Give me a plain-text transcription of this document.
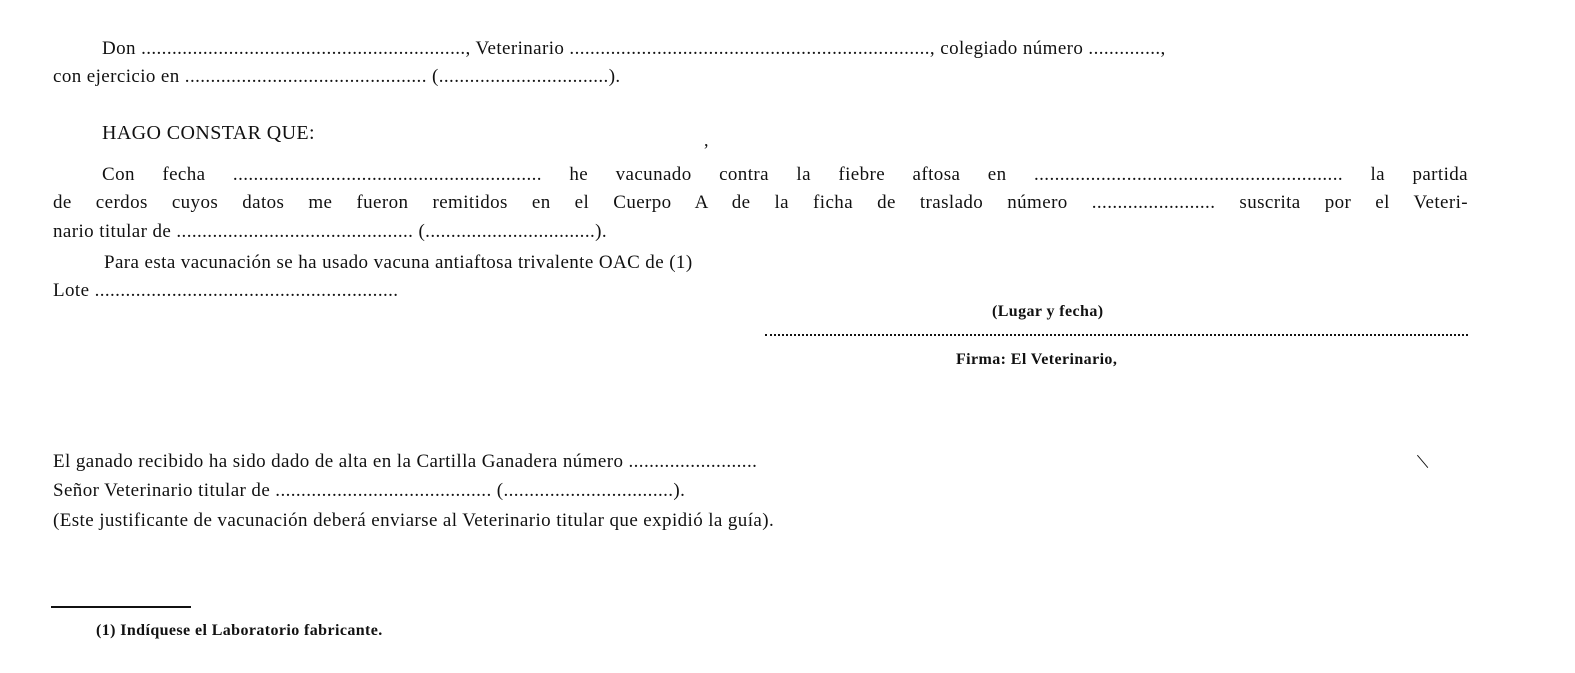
Don ..............................................................., Veterinario ......................................................................, colegiado número ..............,
con ejercicio en ............................................... (.................................).
HAGO CONSTAR QUE:	,
Con fecha ............................................................ he vacunado contra la fiebre aftosa en ............................................................ la partida
de cerdos cuyos datos me fueron remitidos en el Cuerpo A de la ficha de traslado número ........................ suscrita por el Veteri-
nario titular de .............................................. (.................................).
Para esta vacunación se ha usado vacuna antiaftosa trivalente OAC de (1)
Lote ...........................................................
(Lugar y fecha)
Firma: El Veterinario,
El ganado recibido ha sido dado de alta en la Cartilla Ganadera número .........................	|
Señor Veterinario titular de .......................................... (.................................).
(Este justificante de vacunación deberá enviarse al Veterinario titular que expidió la guía).
(1) Indíquese el Laboratorio fabricante.
